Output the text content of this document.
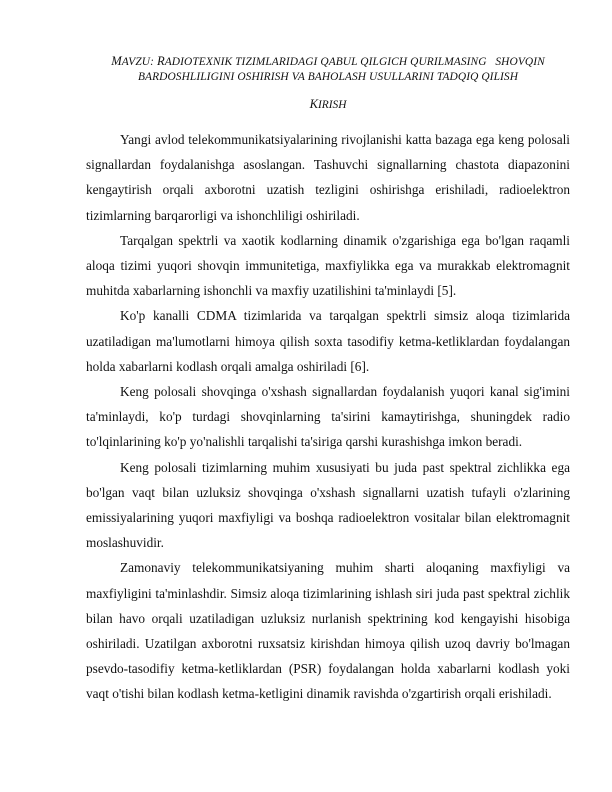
MAVZU: RADIOTEXNIK TIZIMLARIDAGI QABUL QILGICH QURILMASING   SHOVQIN
BARDOSHLILIGINI OSHIRISH VA BAHOLASH USULLARINI TADQIQ QILISH
KIRISH

Yangi avlod telekommunikatsiyalarining rivojlanishi katta bazaga ega keng polosali signallardan foydalanishga asoslangan. Tashuvchi signallarning chastota diapazonini kengaytirish orqali axborotni uzatish tezligini oshirishga erishiladi, radioelektron tizimlarning barqarorligi va ishonchliligi oshiriladi.

Tarqalgan spektrli va xaotik kodlarning dinamik o'zgarishiga ega bo'lgan raqamli aloqa tizimi yuqori shovqin immunitetiga, maxfiylikka ega va murakkab elektromagnit muhitda xabarlarning ishonchli va maxfiy uzatilishini ta'minlaydi [5].

Ko'p kanalli CDMA tizimlarida va tarqalgan spektrli simsiz aloqa tizimlarida uzatiladigan ma'lumotlarni himoya qilish soxta tasodifiy ketma-ketliklardan foydalangan holda xabarlarni kodlash orqali amalga oshiriladi [6].

Keng polosali shovqinga o'xshash signallardan foydalanish yuqori kanal sig'imini ta'minlaydi, ko'p turdagi shovqinlarning ta'sirini kamaytirishga, shuningdek radio to'lqinlarining ko'p yo'nalishli tarqalishi ta'siriga qarshi kurashishga imkon beradi.

Keng polosali tizimlarning muhim xususiyati bu juda past spektral zichlikka ega bo'lgan vaqt bilan uzluksiz shovqinga o'xshash signallarni uzatish tufayli o'zlarining emissiyalarining yuqori maxfiyligi va boshqa radioelektron vositalar bilan elektromagnit moslashuvidir.

Zamonaviy telekommunikatsiyaning muhim sharti aloqaning maxfiyligi va maxfiyligini ta'minlashdir. Simsiz aloqa tizimlarining ishlash siri juda past spektral zichlik bilan havo orqali uzatiladigan uzluksiz nurlanish spektrining kod kengayishi hisobiga oshiriladi. Uzatilgan axborotni ruxsatsiz kirishdan himoya qilish uzoq davriy bo'lmagan psevdo-tasodifiy ketma-ketliklardan (PSR) foydalangan holda xabarlarni kodlash yoki vaqt o'tishi bilan kodlash ketma-ketligini dinamik ravishda o'zgartirish orqali erishiladi.
